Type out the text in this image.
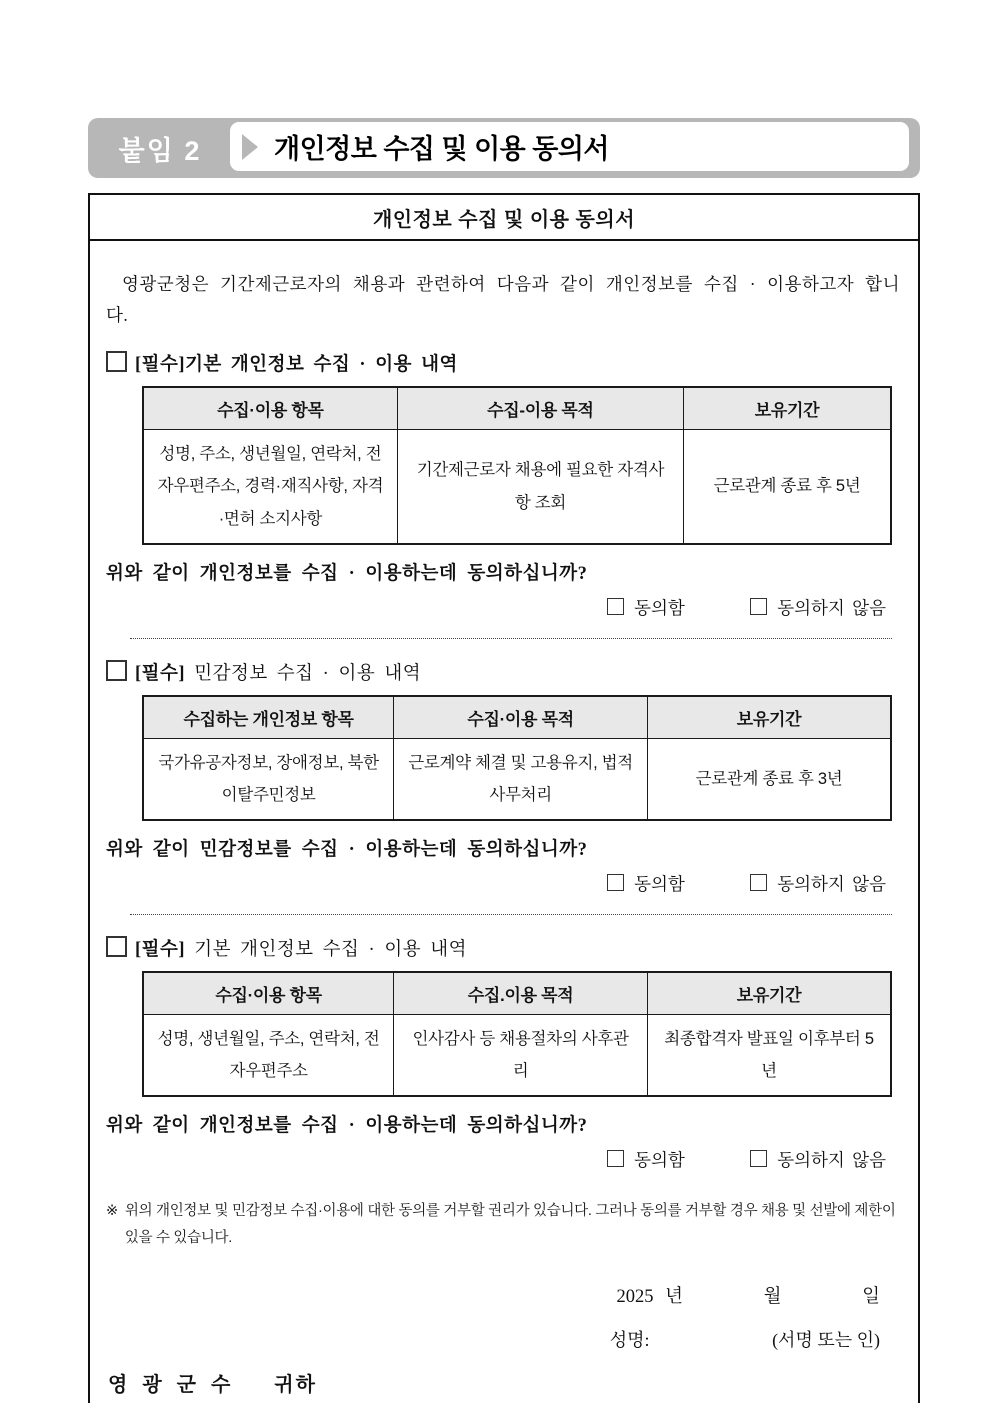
붙임 2	개인정보 수집 및 이용 동의서
개인정보 수집 및 이용 동의서

영광군청은 기간제근로자의 채용과 관련하여 다음과 같이 개인정보를 수집 · 이용하고자 합니다.

[필수]기본 개인정보 수집 · 이용 내역
수집·이용 항목	수집-이용 목적	보유기간
성명, 주소, 생년월일, 연락처, 전자우편주소, 경력·재직사항, 자격·면허 소지사항	기간제근로자 채용에 필요한 자격사항 조회	근로관계 종료 후 5년
위와 같이 개인정보를 수집 · 이용하는데 동의하십니까?
동의함	동의하지 않음
[필수] 민감정보 수집 · 이용 내역
수집하는 개인정보 항목	수집·이용 목적	보유기간
국가유공자정보, 장애정보, 북한이탈주민정보	근로계약 체결 및 고용유지, 법적사무처리	근로관계 종료 후 3년
위와 같이 민감정보를 수집 · 이용하는데 동의하십니까?
동의함	동의하지 않음
[필수] 기본 개인정보 수집 · 이용 내역
수집·이용 항목	수집.이용 목적	보유기간
성명, 생년월일, 주소, 연락처, 전자우편주소	인사감사 등 채용절차의 사후관리	최종합격자 발표일 이후부터 5년
위와 같이 개인정보를 수집 · 이용하는데 동의하십니까?
동의함	동의하지 않음
※ 위의 개인정보 및 민감정보 수집·이용에 대한 동의를 거부할 권리가 있습니다. 그러나 동의를 거부할 경우 채용 및 선발에 제한이 있을 수 있습니다.
2025 년	월	일
성명:	(서명 또는 인)
영 광 군 수 귀하
